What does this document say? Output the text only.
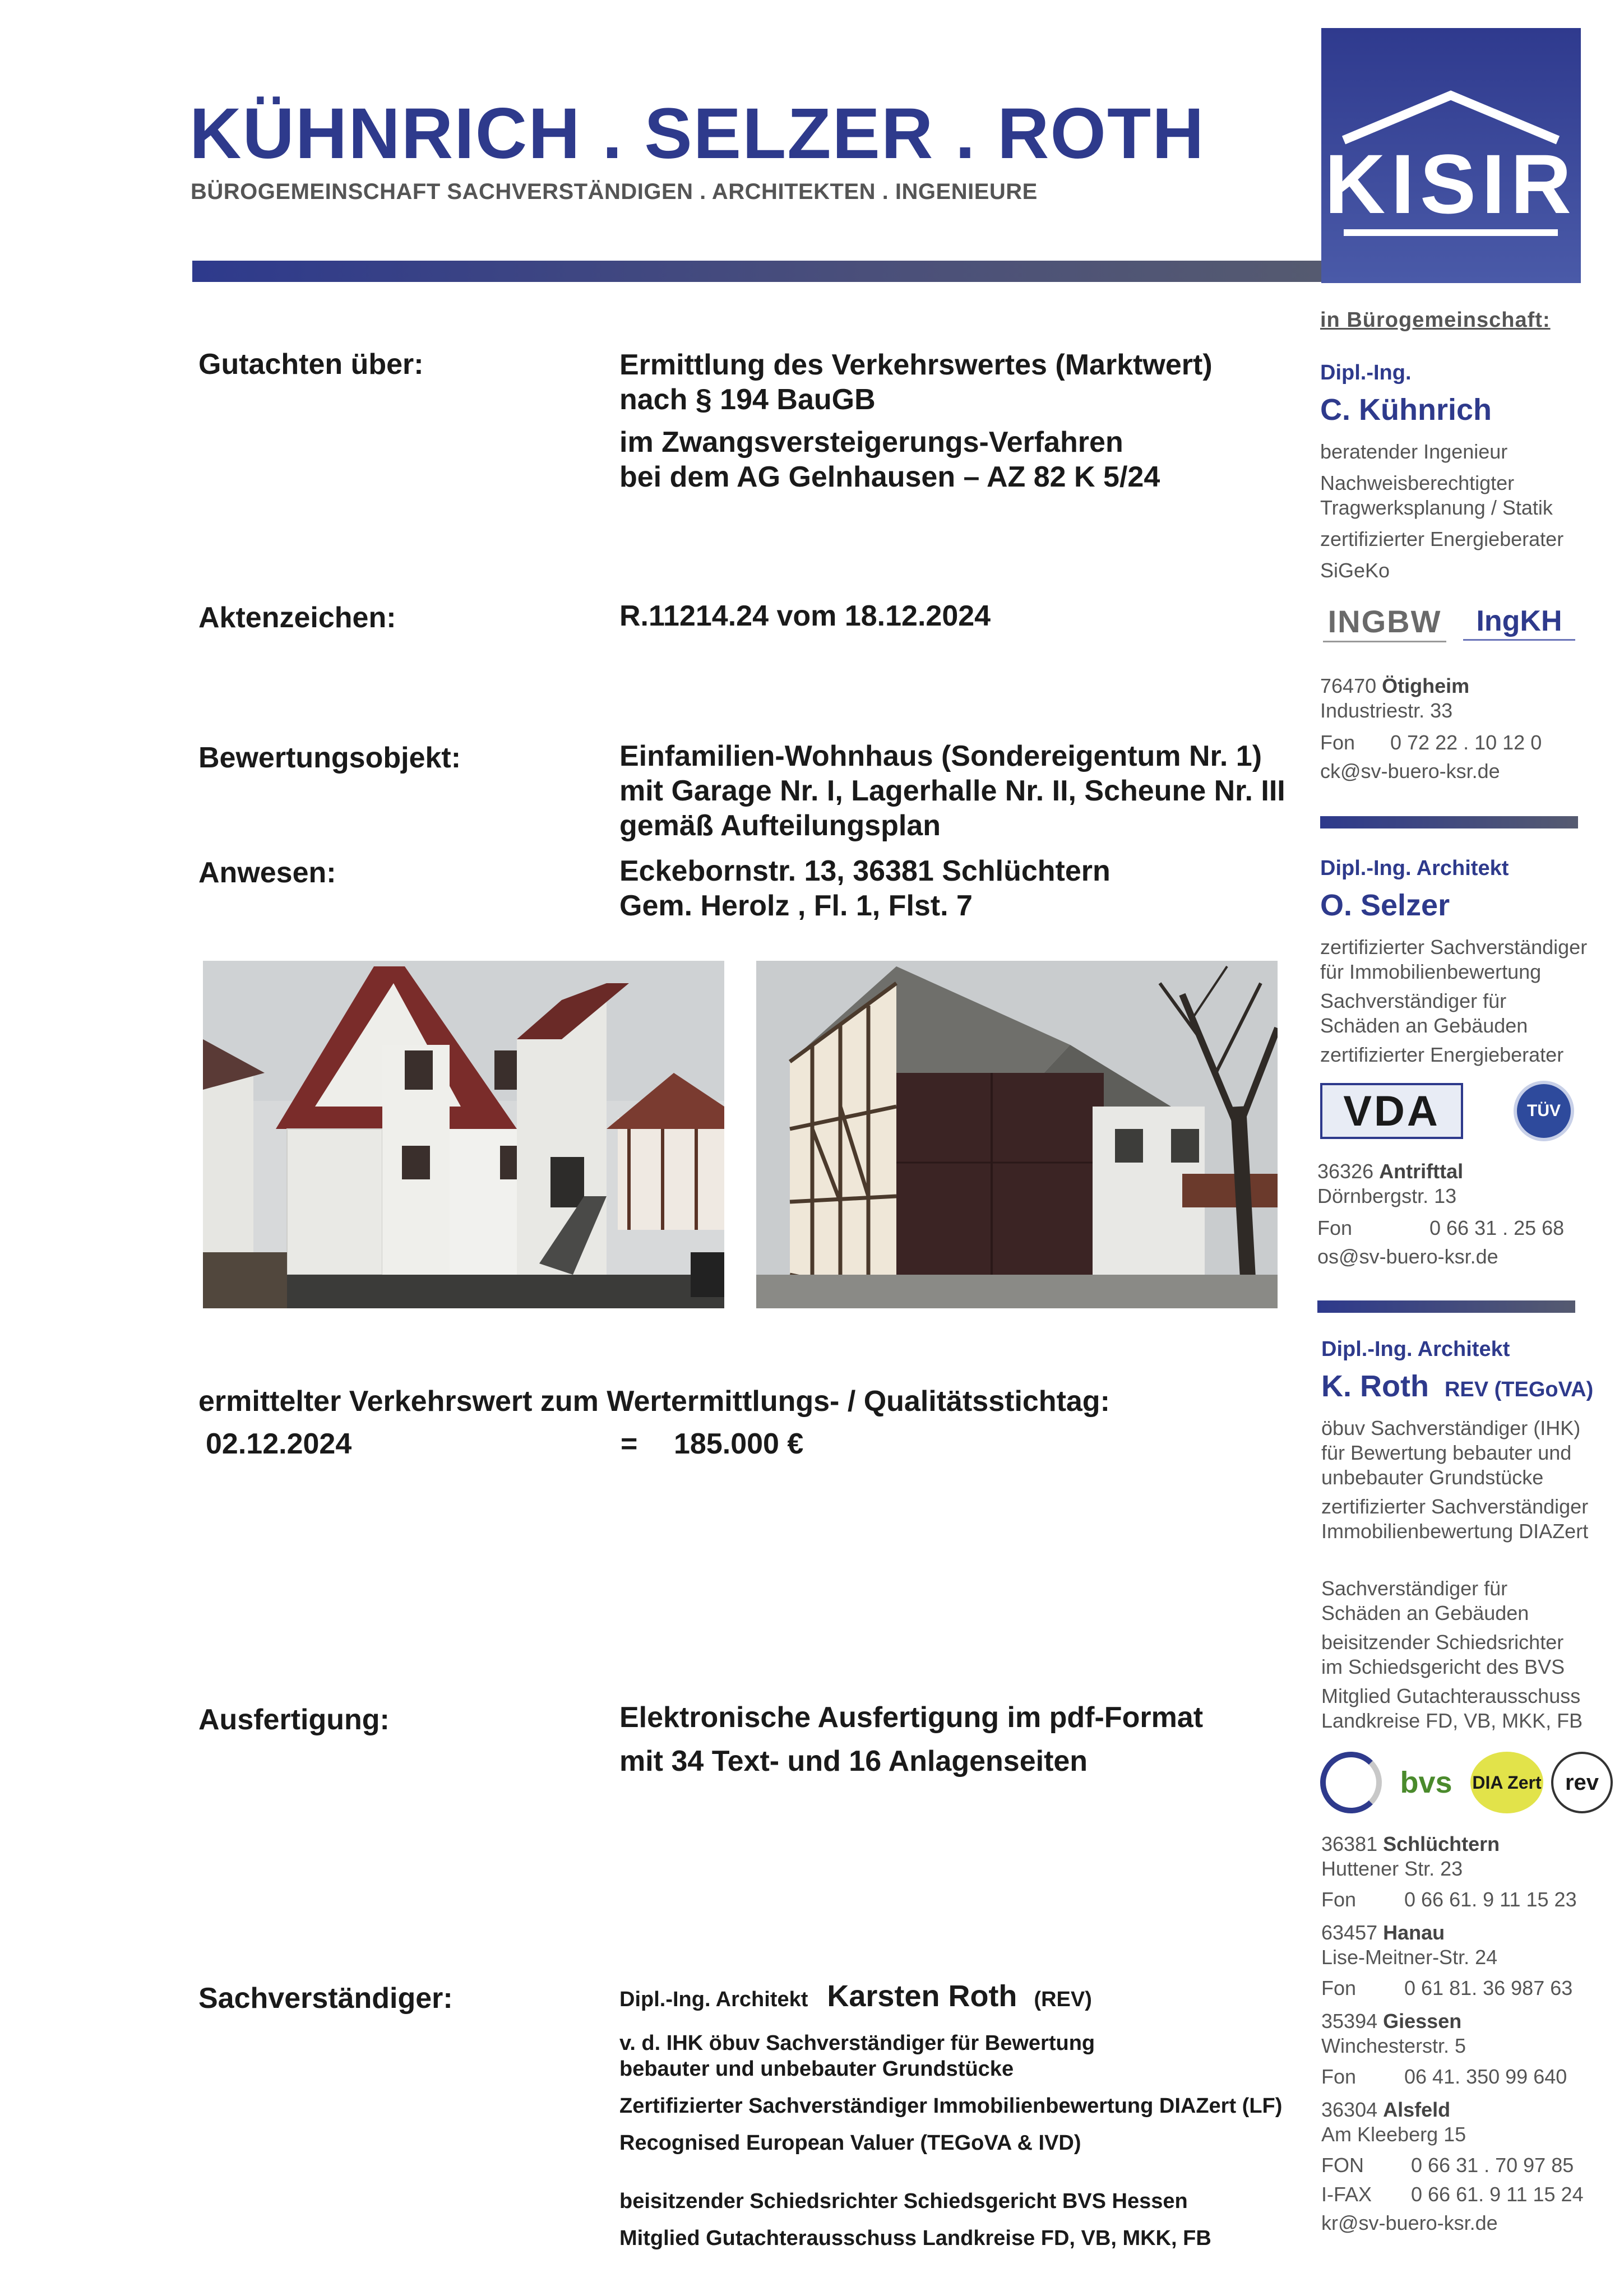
KÜHNRICH . SELZER . ROTH
BÜROGEMEINSCHAFT SACHVERSTÄNDIGEN . ARCHITEKTEN . INGENIEURE	KISIR
Gutachten über:	Ermittlung des Verkehrswertes (Marktwert)
nach § 194 BauGB
im Zwangsversteigerungs-Verfahren
bei dem AG Gelnhausen – AZ 82 K 5/24
Aktenzeichen:	R.11214.24 vom 18.12.2024
Bewertungsobjekt:	Einfamilien-Wohnhaus (Sondereigentum Nr. 1)
mit Garage Nr. I, Lagerhalle Nr. II, Scheune Nr. III
gemäß Aufteilungsplan
Anwesen:	Eckebornstr. 13, 36381 Schlüchtern
Gem. Herolz , Fl. 1, Flst. 7
ermittelter Verkehrswert zum Wertermittlungs- / Qualitätsstichtag:
02.12.2024	= 185.000 €
Ausfertigung:	Elektronische Ausfertigung im pdf-Format
mit 34 Text- und 16 Anlagenseiten
Sachverständiger:	Dipl.-Ing. Architekt Karsten Roth (REV)
v. d. IHK öbuv Sachverständiger für Bewertung
bebauter und unbebauter Grundstücke
Zertifizierter Sachverständiger Immobilienbewertung DIAZert (LF)
Recognised European Valuer (TEGoVA & IVD)
beisitzender Schiedsrichter Schiedsgericht BVS Hessen
Mitglied Gutachterausschuss Landkreise FD, VB, MKK, FB
in Bürogemeinschaft:
Dipl.-Ing.
C. Kühnrich
beratender Ingenieur
Nachweisberechtigter
Tragwerksplanung / Statik
zertifizierter Energieberater
SiGeKo
INGBW IngKH
76470 Ötigheim
Industriestr. 33
Fon	0 72 22 . 10 12 0
ck@sv-buero-ksr.de
Dipl.-Ing. Architekt
O. Selzer
zertifizierter Sachverständiger
für Immobilienbewertung
Sachverständiger für
Schäden an Gebäuden
zertifizierter Energieberater
VDA	TÜV
36326 Antrifttal
Dörnbergstr. 13
Fon	0 66 31 . 25 68
os@sv-buero-ksr.de
Dipl.-Ing. Architekt
K. Roth REV (TEGoVA)
öbuv Sachverständiger (IHK)
für Bewertung bebauter und
unbebauter Grundstücke
zertifizierter Sachverständiger
Immobilienbewertung DIAZert
Sachverständiger für
Schäden an Gebäuden
beisitzender Schiedsrichter
im Schiedsgericht des BVS
Mitglied Gutachterausschuss
Landkreise FD, VB, MKK, FB
bvs	DIA Zert	rev
36381 Schlüchtern
Huttener Str. 23
Fon	0 66 61. 9 11 15 23
63457 Hanau
Lise-Meitner-Str. 24
Fon	0 61 81. 36 987 63
35394 Giessen
Winchesterstr. 5
Fon	06 41. 350 99 640
36304 Alsfeld
Am Kleeberg 15
FON	0 66 31 . 70 97 85
I-FAX	0 66 61. 9 11 15 24
kr@sv-buero-ksr.de
